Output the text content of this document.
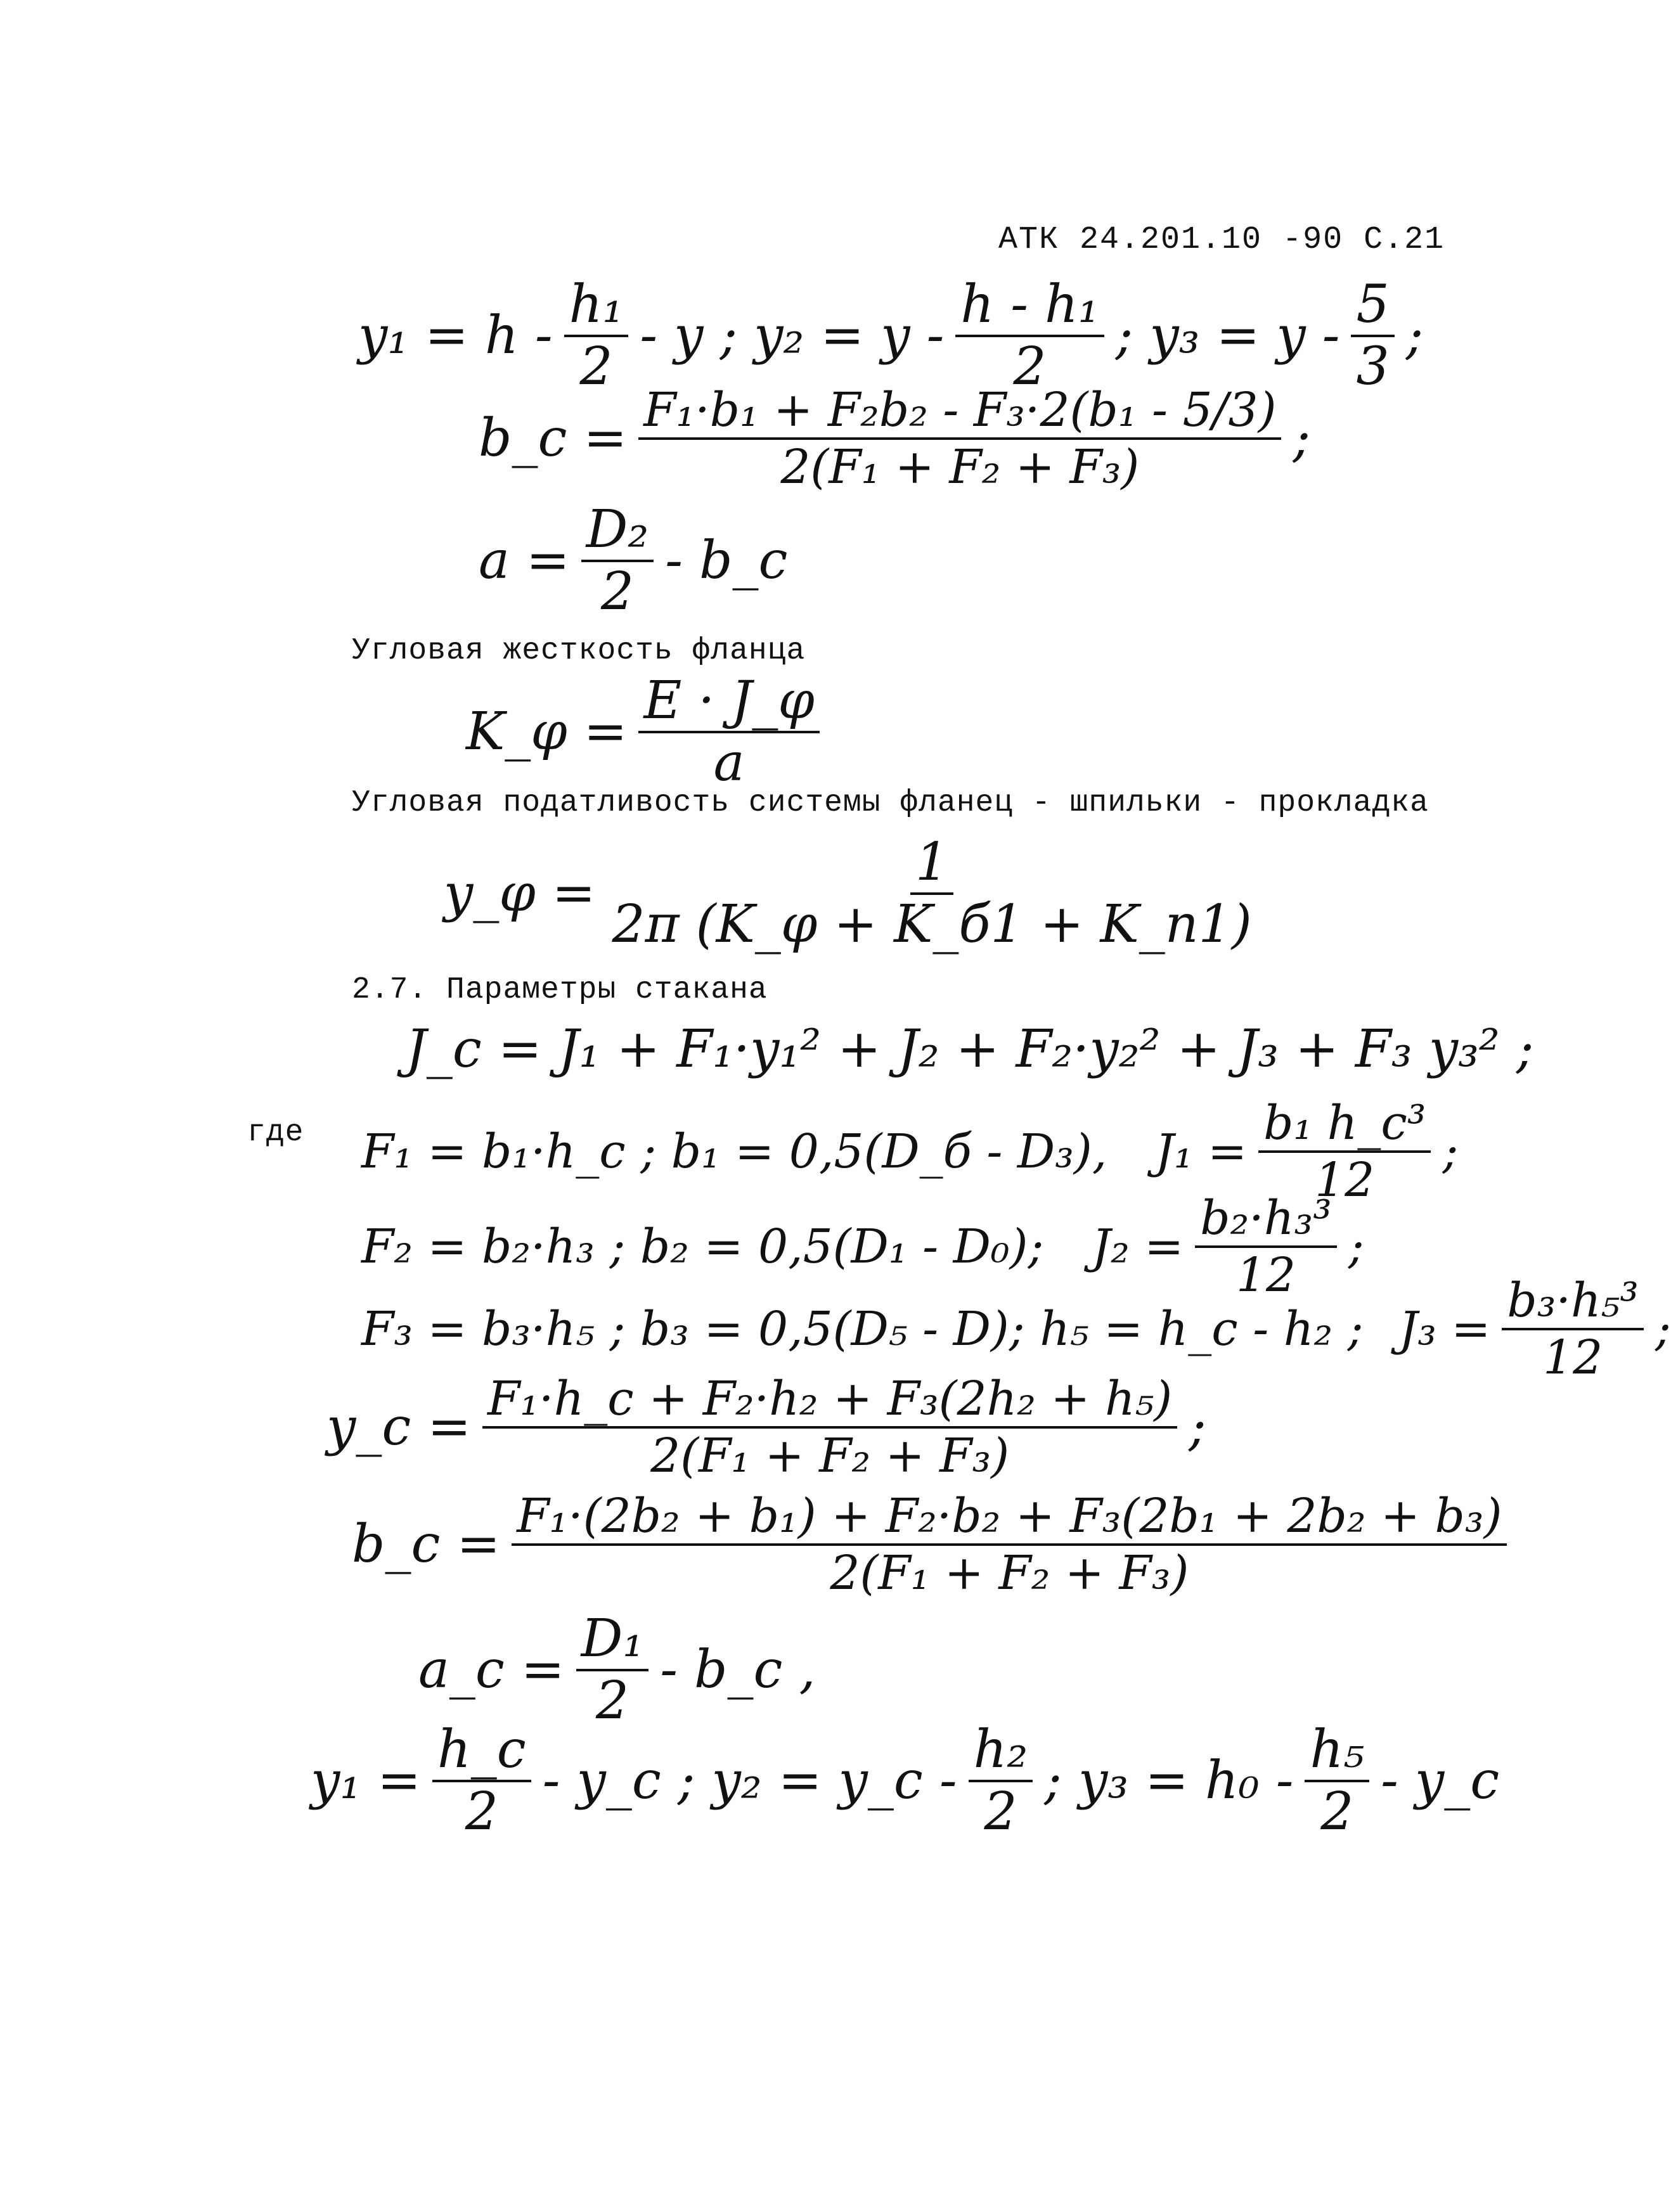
АТК 24.201.10 -90 С.21
$y_1 = h - \frac{\text{h₁}}{2} - y$ ; $y_2 = y - \frac{\text{h - h₁}}{2}$ ; $y_3 = y - \frac{5}{3}$ ;
b_c = $\frac{\text{F₁·b₁ + F₂b₂ - F₃·2(b₁ - 5/3)}}{\text{2(F₁ + F₂ + F₃)}}$ ;
$a = \frac{\text{D₂}}{2}$ - b_c
Угловая жесткость фланца
K_φ = $\frac{E \cdot J\_\varphi}{a}$
Угловая податливость системы фланец - шпильки - прокладка
y_φ = $\frac{1}{2\pi (K\_\varphi + K\_б1 + K\_п1)}$
2.7. Параметры стакана
J_c = J₁ + F₁·y₁² + J₂ + F₂·y₂² + J₃ + F₃ y₃² ;
где F₁ = b₁·h_c ; b₁ = 0,5(D_б - D₃), $J_1 = \frac{\text{b₁ h\_c³}}{12}$ ;
F₂ = b₂·h₃ ; b₂ = 0,5(D₁ - D₀); $J_2 = \frac{\text{b₂·h₃³}}{12}$ ;
F₃ = b₃·h₅ ; b₃ = 0,5(D₅ - D); h₅ = h_c - h₂ ; $J_3 = \frac{\text{b₃·h₅³}}{12}$ ;
y_c = $\frac{\text{F₁·h\_c + F₂·h₂ + F₃(2h₂ + h₅)}}{\text{2(F₁ + F₂ + F₃)}}$ ;
b_c = $\frac{\text{F₁·(2b₂ + b₁) + F₂·b₂ + F₃(2b₁ + 2b₂ + b₃)}}{\text{2(F₁ + F₂ + F₃)}}$
a_c = $\frac{\text{D₁}}{2}$ - b_c ,
$y_1 = \frac{h\_c}{2}$ - y_c ; y₂ = y_c - $\frac{\text{h₂}}{2}$ ; $y_3 = h_0 - \frac{\text{h₅}}{2}$ - y_c
